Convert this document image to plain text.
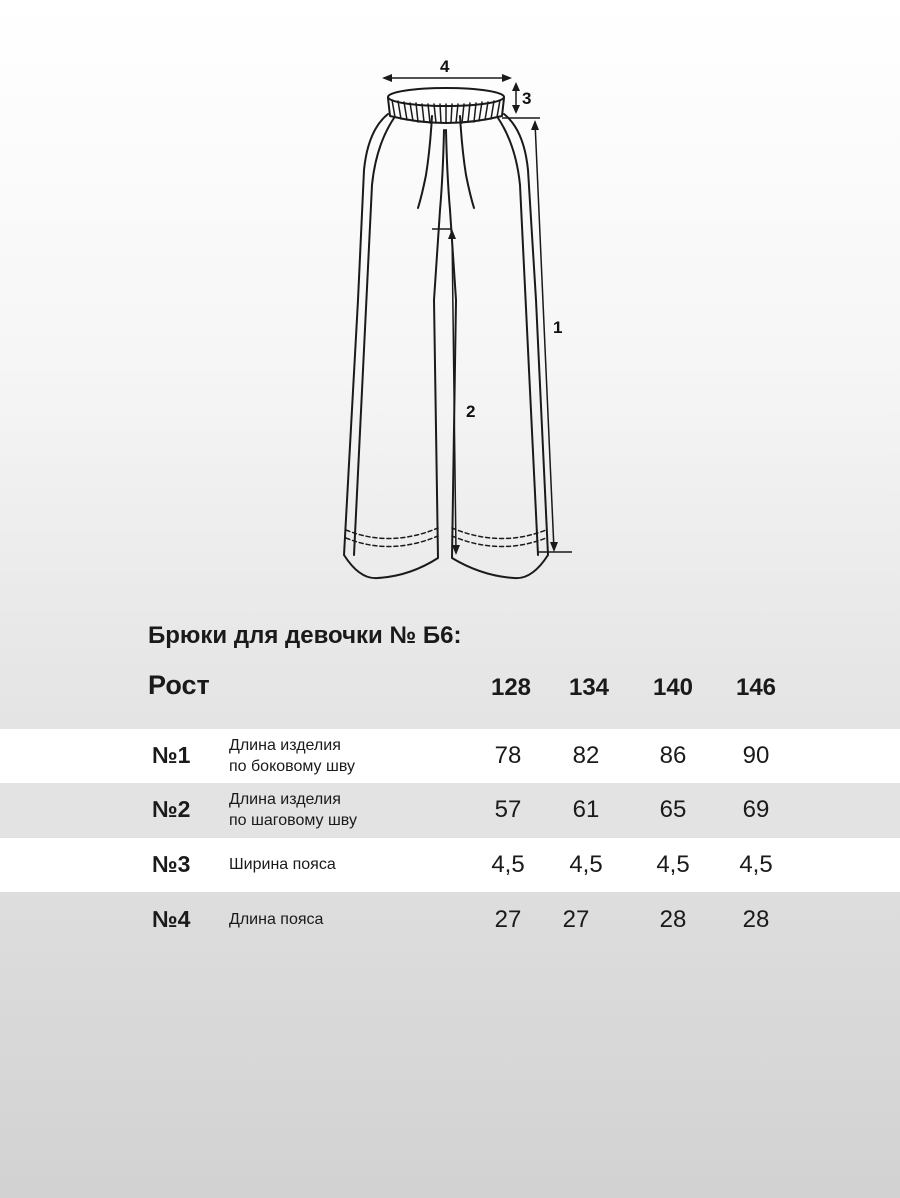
1
2
3
4
Брюки для девочки № Б6:
Рост	128	134	140	146
№1 Длина изделия
по боковому шву	78	82	86	90
№2 Длина изделия
по шаговому шву	57	61	65	69
№3 Ширина пояса	4,5	4,5	4,5	4,5
№4 Длина пояса	27	27	28	28
